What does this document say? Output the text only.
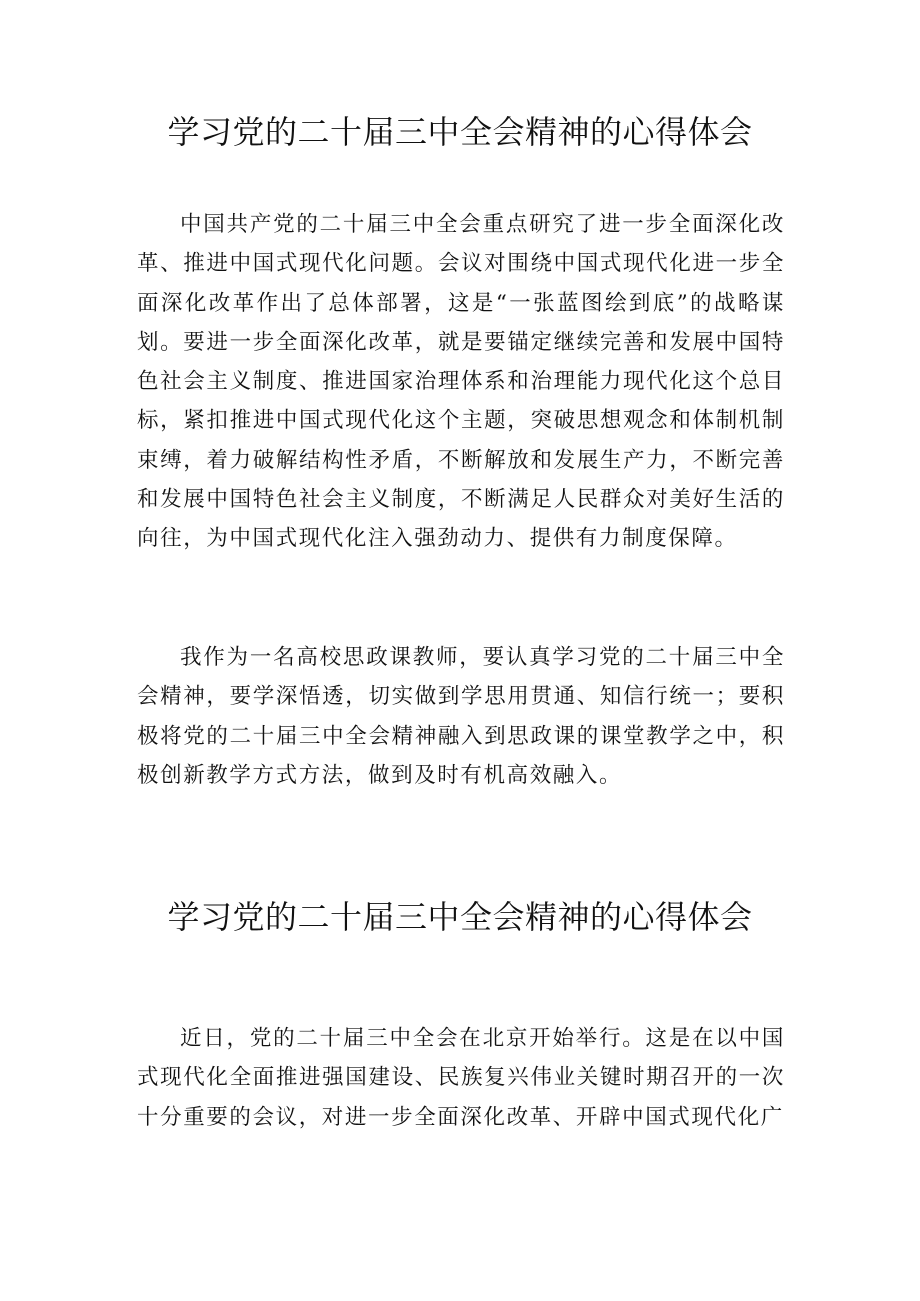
学习党的二十届三中全会精神的心得体会

中国共产党的二十届三中全会重点研究了进一步全面深化改革、推进中国式现代化问题。会议对围绕中国式现代化进一步全面深化改革作出了总体部署，这是“一张蓝图绘到底”的战略谋划。要进一步全面深化改革，就是要锚定继续完善和发展中国特色社会主义制度、推进国家治理体系和治理能力现代化这个总目标，紧扣推进中国式现代化这个主题，突破思想观念和体制机制束缚，着力破解结构性矛盾，不断解放和发展生产力，不断完善和发展中国特色社会主义制度，不断满足人民群众对美好生活的向往，为中国式现代化注入强劲动力、提供有力制度保障。

我作为一名高校思政课教师，要认真学习党的二十届三中全会精神，要学深悟透，切实做到学思用贯通、知信行统一；要积极将党的二十届三中全会精神融入到思政课的课堂教学之中，积极创新教学方式方法，做到及时有机高效融入。

学习党的二十届三中全会精神的心得体会

近日，党的二十届三中全会在北京开始举行。这是在以中国式现代化全面推进强国建设、民族复兴伟业关键时期召开的一次十分重要的会议，对进一步全面深化改革、开辟中国式现代化广
